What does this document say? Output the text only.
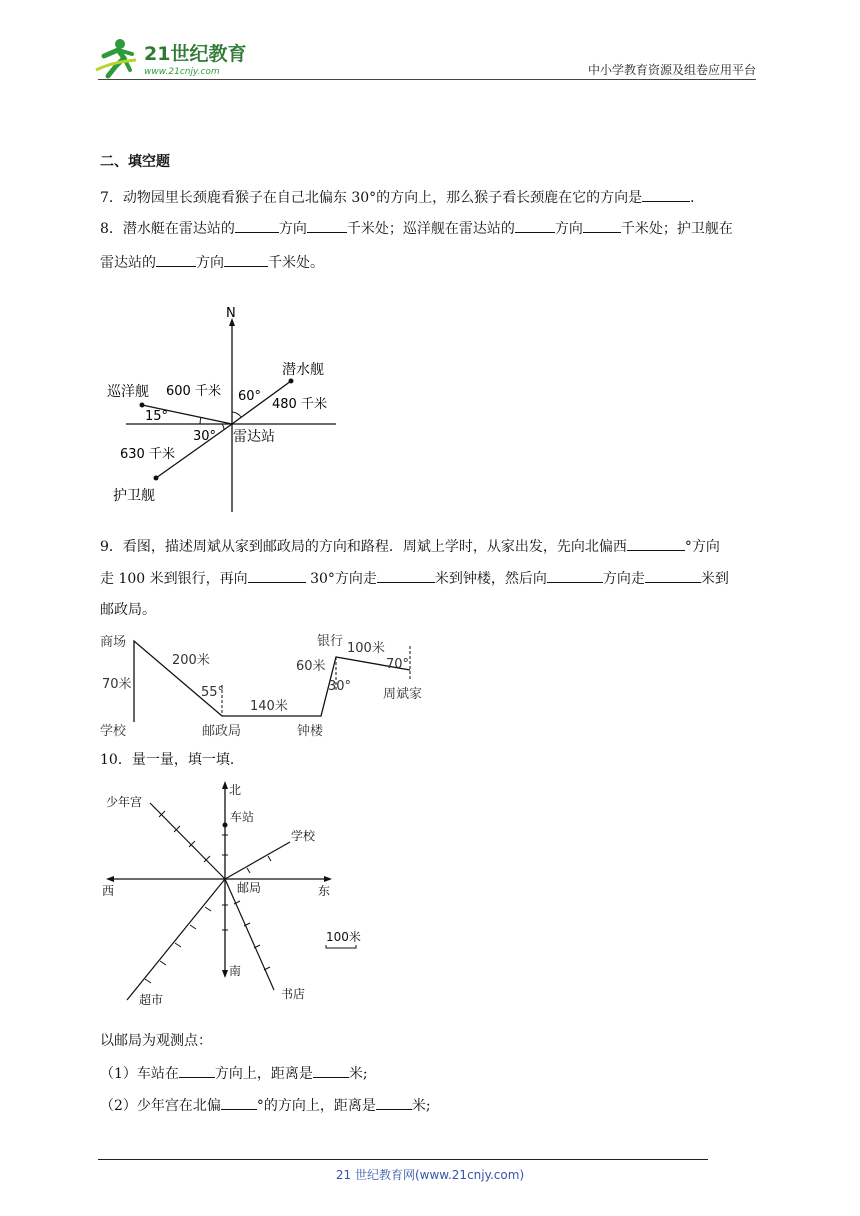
21世纪教育
www.21cnjy.com	中小学教育资源及组卷应用平台
二、填空题
7．动物园里长颈鹿看猴子在自己北偏东 30°的方向上，那么猴子看长颈鹿在它的方向是	．
8．潜水艇在雷达站的	方向	千米处；巡洋舰在雷达站的	方向	千米处；护卫舰在
雷达站的	方向	千米处。
N
潜水舰
巡洋舰
护卫舰
雷达站
600 千米
480 千米
630 千米
60°
15°
30°
9．看图，描述周斌从家到邮政局的方向和路程．周斌上学时，从家出发，先向北偏西	°方向
走 100 米到银行，再向	30°方向走	米到钟楼，然后向	方向走	米到
邮政局。
商场
学校	邮政局	钟楼
银行
周斌家
70米
200米
55°
140米
60米
30°
100米
70°
10．量一量，填一填．
北
南
东
西
车站
少年宫
学校
邮局
超市	书店
100米
以邮局为观测点：
（1）车站在	方向上，距离是	米;
（2）少年宫在北偏	°的方向上，距离是	米;
21 世纪教育网(www.21cnjy.com)
